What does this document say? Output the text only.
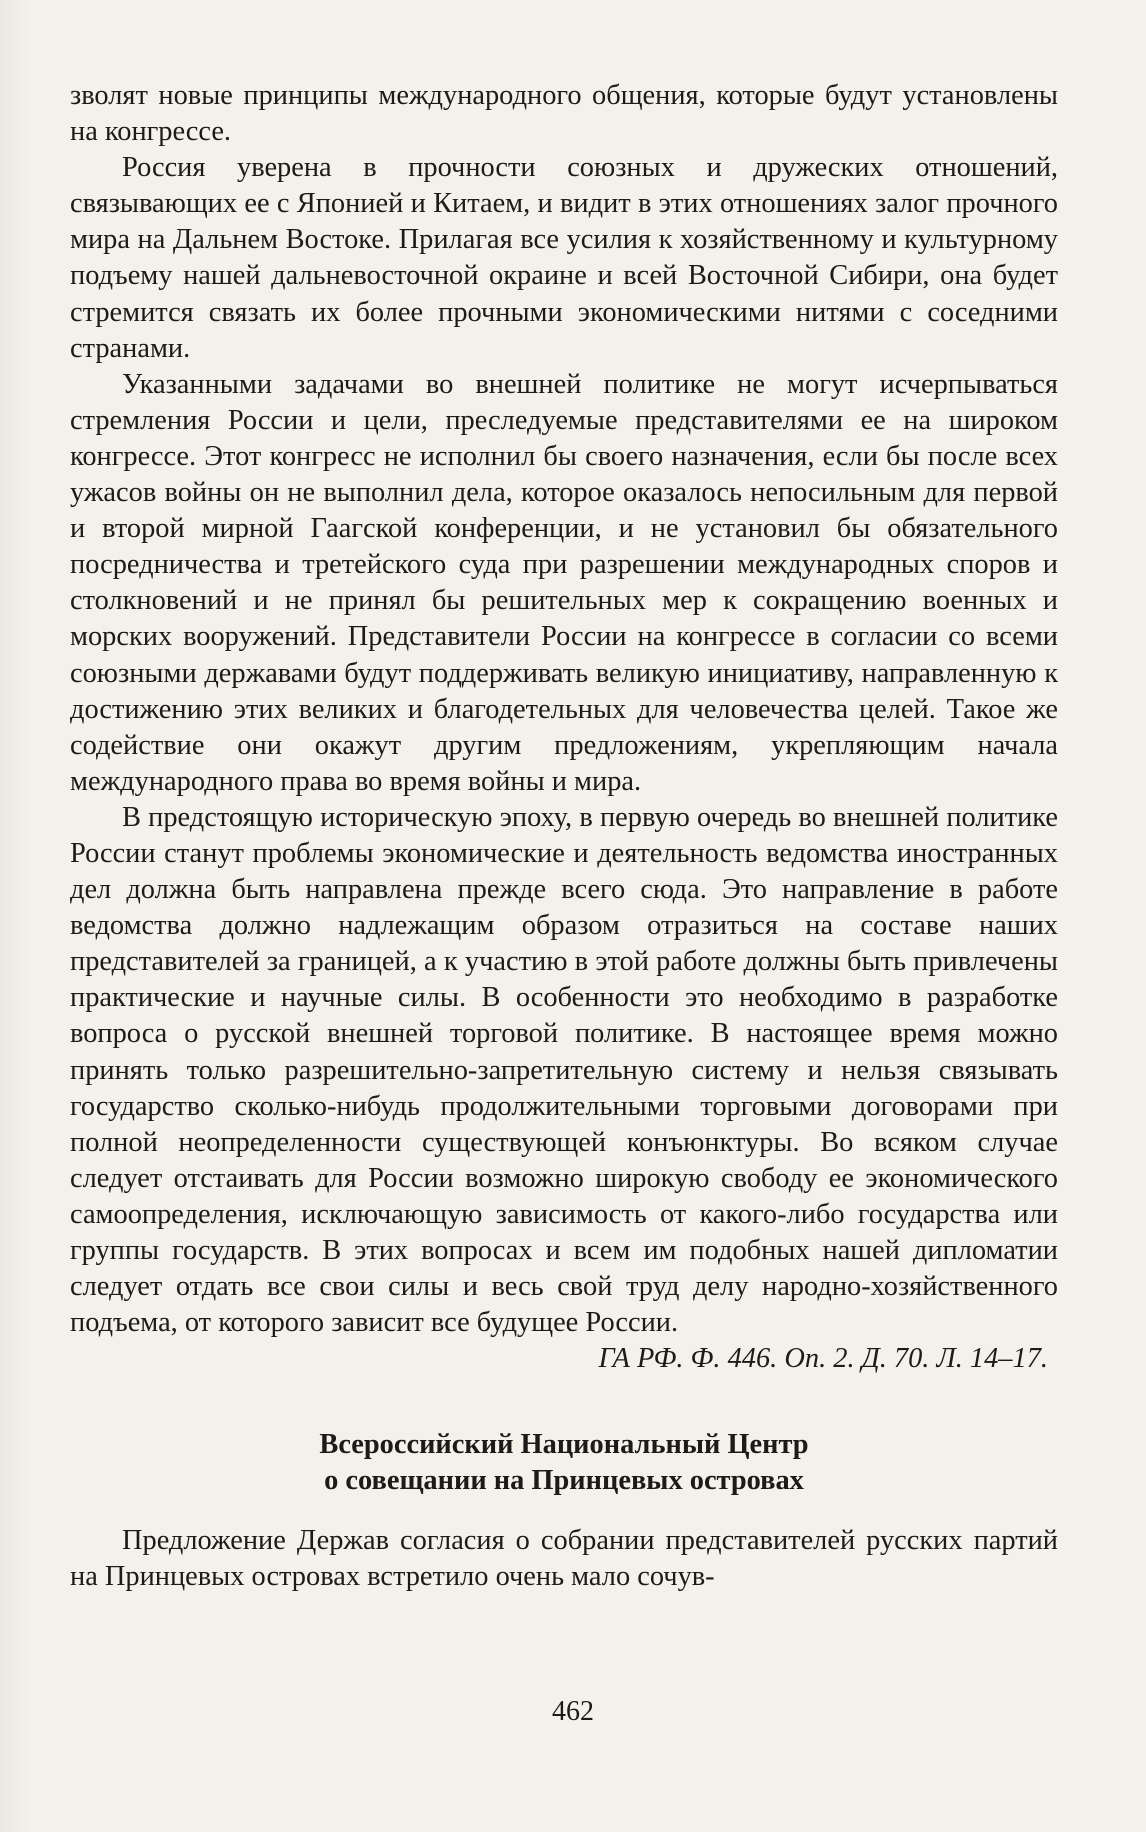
зволят новые принципы международного общения, которые будут установлены на конгрессе.

Россия уверена в прочности союзных и дружеских отношений, связывающих ее с Японией и Китаем, и видит в этих отношениях залог прочного мира на Дальнем Востоке. Прилагая все усилия к хозяйственному и культурному подъему нашей дальневосточной окраине и всей Восточной Сибири, она будет стремится связать их более прочными экономическими нитями с соседними странами.

Указанными задачами во внешней политике не могут исчерпываться стремления России и цели, преследуемые представителями ее на широком конгрессе. Этот конгресс не исполнил бы своего назначения, если бы после всех ужасов войны он не выполнил дела, которое оказалось непосильным для первой и второй мирной Гаагской конференции, и не установил бы обязательного посредничества и третейского суда при разрешении международных споров и столкновений и не принял бы решительных мер к сокращению военных и морских вооружений. Представители России на конгрессе в согласии со всеми союзными державами будут поддерживать великую инициативу, направленную к достижению этих великих и благодетельных для человечества целей. Такое же содействие они окажут другим предложениям, укрепляющим начала международного права во время войны и мира.

В предстоящую историческую эпоху, в первую очередь во внешней политике России станут проблемы экономические и деятельность ведомства иностранных дел должна быть направлена прежде всего сюда. Это направление в работе ведомства должно надлежащим образом отразиться на составе наших представителей за границей, а к участию в этой работе должны быть привлечены практические и научные силы. В особенности это необходимо в разработке вопроса о русской внешней торговой политике. В настоящее время можно принять только разрешительно-запретительную систему и нельзя связывать государство сколько-нибудь продолжительными торговыми договорами при полной неопределенности существующей конъюнктуры. Во всяком случае следует отстаивать для России возможно широкую свободу ее экономического самоопределения, исключающую зависимость от какого-либо государства или группы государств. В этих вопросах и всем им подобных нашей дипломатии следует отдать все свои силы и весь свой труд делу народно-хозяйственного подъема, от которого зависит все будущее России.

ГА РФ. Ф. 446. Оп. 2. Д. 70. Л. 14–17.

Всероссийский Национальный Центр
о совещании на Принцевых островах

Предложение Держав согласия о собрании представителей русских партий на Принцевых островах встретило очень мало сочув-

462
